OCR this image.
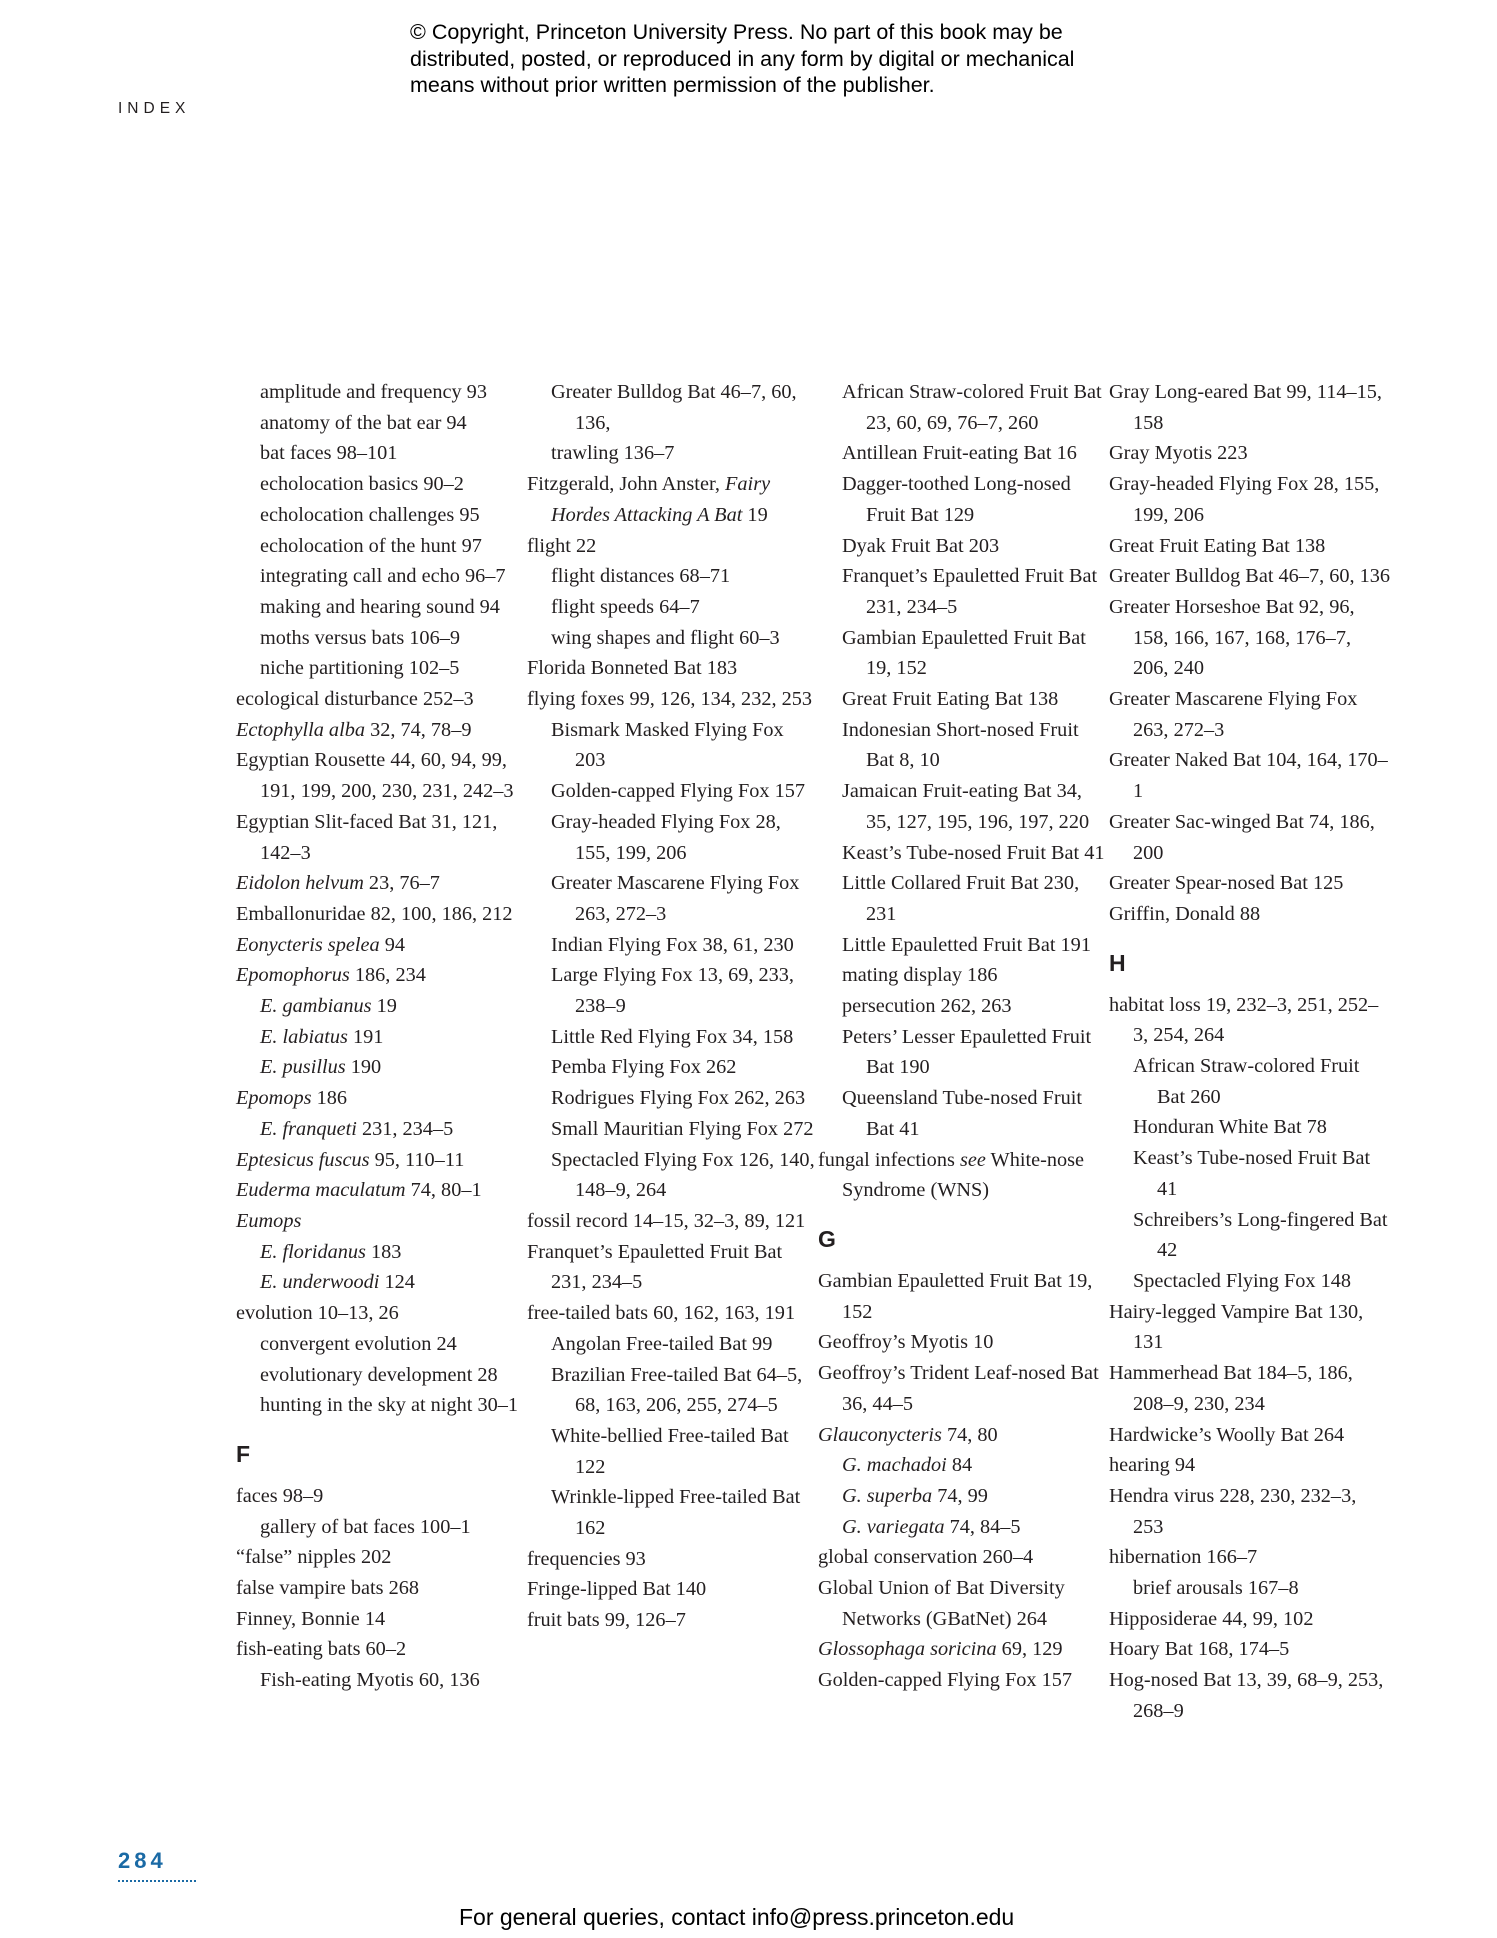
© Copyright, Princeton University Press. No part of this book may be distributed, posted, or reproduced in any form by digital or mechanical means without prior written permission of the publisher.
INDEX
amplitude and frequency 93
anatomy of the bat ear 94
bat faces 98–101
echolocation basics 90–2
echolocation challenges 95
echolocation of the hunt 97
integrating call and echo 96–7
making and hearing sound 94
moths versus bats 106–9
niche partitioning 102–5
ecological disturbance 252–3
Ectophylla alba 32, 74, 78–9
Egyptian Rousette 44, 60, 94, 99, 191, 199, 200, 230, 231, 242–3
Egyptian Slit-faced Bat 31, 121, 142–3
Eidolon helvum 23, 76–7
Emballonuridae 82, 100, 186, 212
Eonycteris spelea 94
Epomophorus 186, 234
E. gambianus 19
E. labiatus 191
E. pusillus 190
Epomops 186
E. franqueti 231, 234–5
Eptesicus fuscus 95, 110–11
Euderma maculatum 74, 80–1
Eumops
E. floridanus 183
E. underwoodi 124
evolution 10–13, 26
convergent evolution 24
evolutionary development 28
hunting in the sky at night 30–1
F
faces 98–9
gallery of bat faces 100–1
“false” nipples 202
false vampire bats 268
Finney, Bonnie 14
fish-eating bats 60–2
Fish-eating Myotis 60, 136
Greater Bulldog Bat 46–7, 60, 136,
trawling 136–7
Fitzgerald, John Anster, Fairy Hordes Attacking A Bat 19
flight 22
flight distances 68–71
flight speeds 64–7
wing shapes and flight 60–3
Florida Bonneted Bat 183
flying foxes 99, 126, 134, 232, 253
Bismark Masked Flying Fox 203
Golden-capped Flying Fox 157
Gray-headed Flying Fox 28, 155, 199, 206
Greater Mascarene Flying Fox 263, 272–3
Indian Flying Fox 38, 61, 230
Large Flying Fox 13, 69, 233, 238–9
Little Red Flying Fox 34, 158
Pemba Flying Fox 262
Rodrigues Flying Fox 262, 263
Small Mauritian Flying Fox 272
Spectacled Flying Fox 126, 140, 148–9, 264
fossil record 14–15, 32–3, 89, 121
Franquet’s Epauletted Fruit Bat 231, 234–5
free-tailed bats 60, 162, 163, 191
Angolan Free-tailed Bat 99
Brazilian Free-tailed Bat 64–5, 68, 163, 206, 255, 274–5
White-bellied Free-tailed Bat 122
Wrinkle-lipped Free-tailed Bat 162
frequencies 93
Fringe-lipped Bat 140
fruit bats 99, 126–7
African Straw-colored Fruit Bat 23, 60, 69, 76–7, 260
Antillean Fruit-eating Bat 16
Dagger-toothed Long-nosed Fruit Bat 129
Dyak Fruit Bat 203
Franquet’s Epauletted Fruit Bat 231, 234–5
Gambian Epauletted Fruit Bat 19, 152
Great Fruit Eating Bat 138
Indonesian Short-nosed Fruit Bat 8, 10
Jamaican Fruit-eating Bat 34, 35, 127, 195, 196, 197, 220
Keast’s Tube-nosed Fruit Bat 41
Little Collared Fruit Bat 230, 231
Little Epauletted Fruit Bat 191
mating display 186
persecution 262, 263
Peters’ Lesser Epauletted Fruit Bat 190
Queensland Tube-nosed Fruit Bat 41
fungal infections see White-nose Syndrome (WNS)
G
Gambian Epauletted Fruit Bat 19, 152
Geoffroy’s Myotis 10
Geoffroy’s Trident Leaf-nosed Bat 36, 44–5
Glauconycteris 74, 80
G. machadoi 84
G. superba 74, 99
G. variegata 74, 84–5
global conservation 260–4
Global Union of Bat Diversity Networks (GBatNet) 264
Glossophaga soricina 69, 129
Golden-capped Flying Fox 157
Gray Long-eared Bat 99, 114–15, 158
Gray Myotis 223
Gray-headed Flying Fox 28, 155, 199, 206
Great Fruit Eating Bat 138
Greater Bulldog Bat 46–7, 60, 136
Greater Horseshoe Bat 92, 96, 158, 166, 167, 168, 176–7, 206, 240
Greater Mascarene Flying Fox 263, 272–3
Greater Naked Bat 104, 164, 170–1
Greater Sac-winged Bat 74, 186, 200
Greater Spear-nosed Bat 125
Griffin, Donald 88
H
habitat loss 19, 232–3, 251, 252–3, 254, 264
African Straw-colored Fruit Bat 260
Honduran White Bat 78
Keast’s Tube-nosed Fruit Bat 41
Schreibers’s Long-fingered Bat 42
Spectacled Flying Fox 148
Hairy-legged Vampire Bat 130, 131
Hammerhead Bat 184–5, 186, 208–9, 230, 234
Hardwicke’s Woolly Bat 264
hearing 94
Hendra virus 228, 230, 232–3, 253
hibernation 166–7
brief arousals 167–8
Hipposiderae 44, 99, 102
Hoary Bat 168, 174–5
Hog-nosed Bat 13, 39, 68–9, 253, 268–9
284
For general queries, contact info@press.princeton.edu
